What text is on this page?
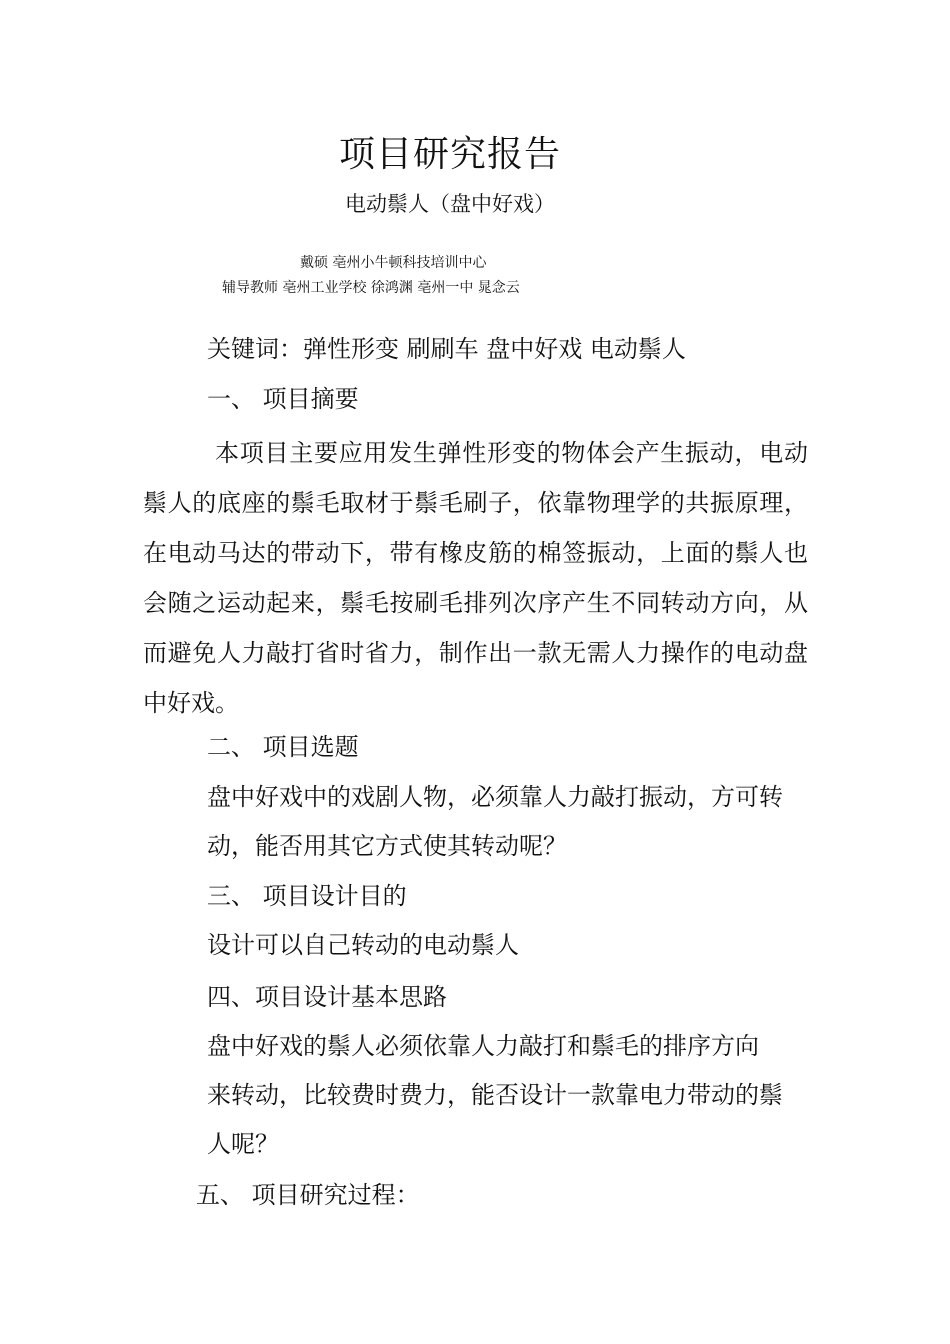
项目研究报告
电动鬃人（盘中好戏）
戴硕 亳州小牛顿科技培训中心
辅导教师 亳州工业学校 徐鸿渊 亳州一中 晁念云
关键词：弹性形变 刷刷车 盘中好戏 电动鬃人
一、 项目摘要
本项目主要应用发生弹性形变的物体会产生振动，电动鬃人的底座的鬃毛取材于鬃毛刷子，依靠物理学的共振原理，在电动马达的带动下，带有橡皮筋的棉签振动，上面的鬃人也会随之运动起来，鬃毛按刷毛排列次序产生不同转动方向，从而避免人力敲打省时省力，制作出一款无需人力操作的电动盘中好戏。
二、 项目选题
盘中好戏中的戏剧人物，必须靠人力敲打振动，方可转
动，能否用其它方式使其转动呢？
三、 项目设计目的
设计可以自己转动的电动鬃人
四、项目设计基本思路
盘中好戏的鬃人必须依靠人力敲打和鬃毛的排序方向
来转动，比较费时费力，能否设计一款靠电力带动的鬃
人呢？
五、 项目研究过程：
